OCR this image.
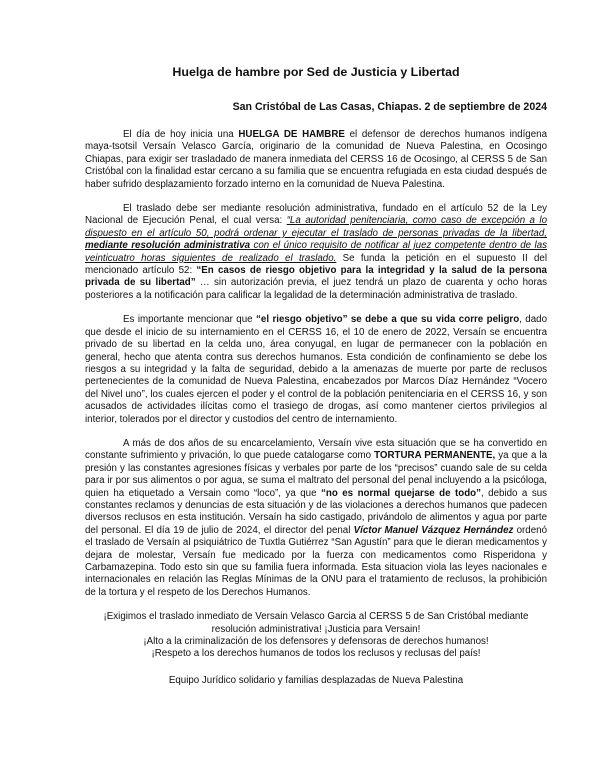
Huelga de hambre por Sed de Justicia y Libertad
San Cristóbal de Las Casas, Chiapas. 2 de septiembre de 2024

El día de hoy inicia una HUELGA DE HAMBRE el defensor de derechos humanos indígena maya-tsotsil Versaín Velasco García, originario de la comunidad de Nueva Palestina, en Ocosingo Chiapas, para exigir ser trasladado de manera inmediata del CERSS 16 de Ocosingo, al CERSS 5 de San Cristóbal con la finalidad estar cercano a su familia que se encuentra refugiada en esta ciudad después de haber sufrido desplazamiento forzado interno en la comunidad de Nueva Palestina.

El traslado debe ser mediante resolución administrativa, fundado en el artículo 52 de la Ley Nacional de Ejecución Penal, el cual versa: “La autoridad penitenciaria, como caso de excepción a lo dispuesto en el artículo 50, podrá ordenar y ejecutar el traslado de personas privadas de la libertad, mediante resolución administrativa con el único requisito de notificar al juez competente dentro de las veinticuatro horas siguientes de realizado el traslado. Se funda la petición en el supuesto II del mencionado artículo 52: “En casos de riesgo objetivo para la integridad y la salud de la persona privada de su libertad” … sin autorización previa, el juez tendrá un plazo de cuarenta y ocho horas posteriores a la notificación para calificar la legalidad de la determinación administrativa de traslado.

Es importante mencionar que “el riesgo objetivo” se debe a que su vida corre peligro, dado que desde el inicio de su internamiento en el CERSS 16, el 10 de enero de 2022, Versaín se encuentra privado de su libertad en la celda uno, área conyugal, en lugar de permanecer con la población en general, hecho que atenta contra sus derechos humanos. Esta condición de confinamiento se debe los riesgos a su integridad y la falta de seguridad, debido a la amenazas de muerte por parte de reclusos pertenecientes de la comunidad de Nueva Palestina, encabezados por Marcos Díaz Hernández “Vocero del Nivel uno”, los cuales ejercen el poder y el control de la población penitenciaria en el CERSS 16, y son acusados de actividades ilícitas como el trasiego de drogas, así como mantener ciertos privilegios al interior, tolerados por el director y custodios del centro de internamiento.

A más de dos años de su encarcelamiento, Versaín vive esta situación que se ha convertido en constante sufrimiento y privación, lo que puede catalogarse como TORTURA PERMANENTE, ya que a la presión y las constantes agresiones físicas y verbales por parte de los “precisos” cuando sale de su celda para ir por sus alimentos o por agua, se suma el maltrato del personal del penal incluyendo a la psicóloga, quien ha etiquetado a Versain como “loco”, ya que “no es normal quejarse de todo”, debido a sus constantes reclamos y denuncias de esta situación y de las violaciones a derechos humanos que padecen diversos reclusos en esta institución. Versaín ha sido castigado, privándolo de alimentos y agua por parte del personal. El día 19 de julio de 2024, el director del penal Víctor Manuel Vázquez Hernández ordenó el traslado de Versaín al psiquiátrico de Tuxtla Gutiérrez “San Agustín” para que le dieran medicamentos y dejara de molestar, Versaín fue medicado por la fuerza con medicamentos como Risperidona y Carbamazepina. Todo esto sin que su familia fuera informada. Esta situacion viola las leyes nacionales e internacionales en relación las Reglas Mínimas de la ONU para el tratamiento de reclusos, la prohibición de la tortura y el respeto de los Derechos Humanos.

¡Exigimos el traslado inmediato de Versain Velasco Garcia al CERSS 5 de San Cristóbal mediante resolución administrativa! ¡Justicia para Versain!
¡Alto a la criminalización de los defensores y defensoras de derechos humanos!
¡Respeto a los derechos humanos de todos los reclusos y reclusas del país!
Equipo Jurídico solidario y familias desplazadas de Nueva Palestina
